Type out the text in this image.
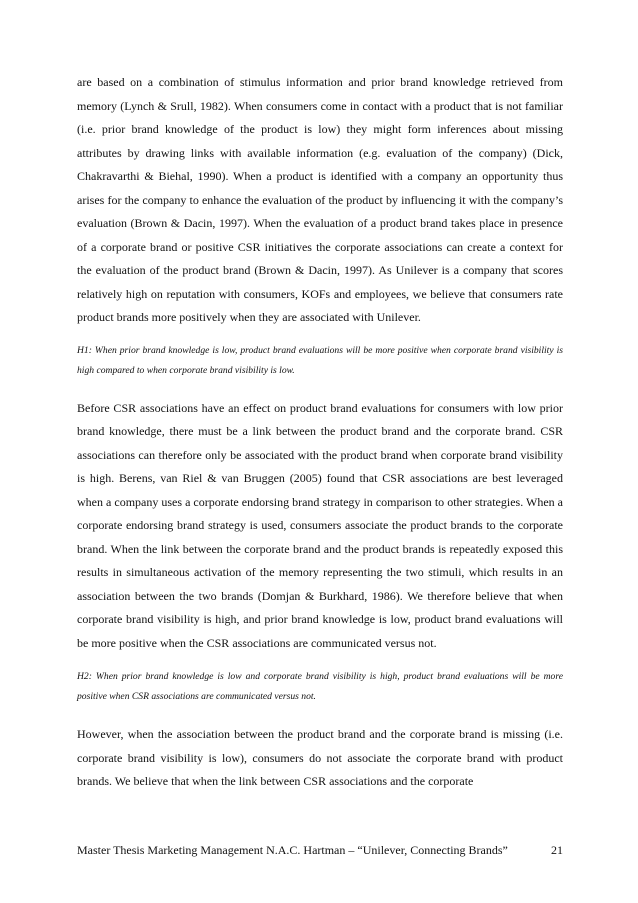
are based on a combination of stimulus information and prior brand knowledge retrieved from memory (Lynch & Srull, 1982). When consumers come in contact with a product that is not familiar (i.e. prior brand knowledge of the product is low) they might form inferences about missing attributes by drawing links with available information (e.g. evaluation of the company) (Dick, Chakravarthi & Biehal, 1990). When a product is identified with a company an opportunity thus arises for the company to enhance the evaluation of the product by influencing it with the company’s evaluation (Brown & Dacin, 1997). When the evaluation of a product brand takes place in presence of a corporate brand or positive CSR initiatives the corporate associations can create a context for the evaluation of the product brand (Brown & Dacin, 1997). As Unilever is a company that scores relatively high on reputation with consumers, KOFs and employees, we believe that consumers rate product brands more positively when they are associated with Unilever.

H1: When prior brand knowledge is low, product brand evaluations will be more positive when corporate brand visibility is high compared to when corporate brand visibility is low.

Before CSR associations have an effect on product brand evaluations for consumers with low prior brand knowledge, there must be a link between the product brand and the corporate brand. CSR associations can therefore only be associated with the product brand when corporate brand visibility is high. Berens, van Riel & van Bruggen (2005) found that CSR associations are best leveraged when a company uses a corporate endorsing brand strategy in comparison to other strategies. When a corporate endorsing brand strategy is used, consumers associate the product brands to the corporate brand. When the link between the corporate brand and the product brands is repeatedly exposed this results in simultaneous activation of the memory representing the two stimuli, which results in an association between the two brands (Domjan & Burkhard, 1986). We therefore believe that when corporate brand visibility is high, and prior brand knowledge is low, product brand evaluations will be more positive when the CSR associations are communicated versus not.

H2: When prior brand knowledge is low and corporate brand visibility is high, product brand evaluations will be more positive when CSR associations are communicated versus not.

However, when the association between the product brand and the corporate brand is missing (i.e. corporate brand visibility is low), consumers do not associate the corporate brand with product brands. We believe that when the link between CSR associations and the corporate

Master Thesis Marketing Management N.A.C. Hartman – “Unilever, Connecting Brands”	21
